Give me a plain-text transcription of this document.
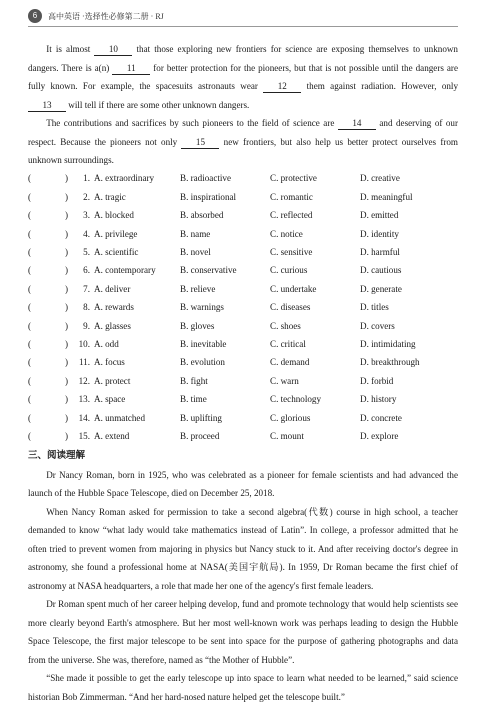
6	高中英语 ·选择性必修第二册 · RJ

It is almost 10 that those exploring new frontiers for science are exposing themselves to unknown dangers. There is a(n) 11 for better protection for the pioneers, but that is not possible until the dangers are fully known. For example, the spacesuits astronauts wear 12 them against radiation. However, only 13 will tell if there are some other unknown dangers.

The contributions and sacrifices by such pioneers to the field of science are 14 and deserving of our respect. Because the pioneers not only 15 new frontiers, but also help us better protect ourselves from unknown surroundings.

(	)	1. A. extraordinary	B. radioactive	C. protective	D. creative
(	)	2. A. tragic	B. inspirational	C. romantic	D. meaningful
(	)	3. A. blocked	B. absorbed	C. reflected	D. emitted
(	)	4. A. privilege	B. name	C. notice	D. identity
(	)	5. A. scientific	B. novel	C. sensitive	D. harmful
(	)	6. A. contemporary	B. conservative	C. curious	D. cautious
(	)	7. A. deliver	B. relieve	C. undertake	D. generate
(	)	8. A. rewards	B. warnings	C. diseases	D. titles
(	)	9. A. glasses	B. gloves	C. shoes	D. covers
(	)	10. A. odd	B. inevitable	C. critical	D. intimidating
(	)	11. A. focus	B. evolution	C. demand	D. breakthrough
(	)	12. A. protect	B. fight	C. warn	D. forbid
(	)	13. A. space	B. time	C. technology	D. history
(	)	14. A. unmatched	B. uplifting	C. glorious	D. concrete
(	)	15. A. extend	B. proceed	C. mount	D. explore
三、阅读理解

Dr Nancy Roman, born in 1925, who was celebrated as a pioneer for female scientists and had advanced the launch of the Hubble Space Telescope, died on December 25, 2018.

When Nancy Roman asked for permission to take a second algebra(代数) course in high school, a teacher demanded to know “what lady would take mathematics instead of Latin”. In college, a professor admitted that he often tried to prevent women from majoring in physics but Nancy stuck to it. And after receiving doctor's degree in astronomy, she found a professional home at NASA(美国宇航局). In 1959, Dr Roman became the first chief of astronomy at NASA headquarters, a role that made her one of the agency's first female leaders.

Dr Roman spent much of her career helping develop, fund and promote technology that would help scientists see more clearly beyond Earth's atmosphere. But her most well-known work was perhaps leading to design the Hubble Space Telescope, the first major telescope to be sent into space for the purpose of gathering photographs and data from the universe. She was, therefore, named as “the Mother of Hubble”.

“She made it possible to get the early telescope up into space to learn what needed to be learned,” said science historian Bob Zimmerman. “And her hard-nosed nature helped get the telescope built.”
